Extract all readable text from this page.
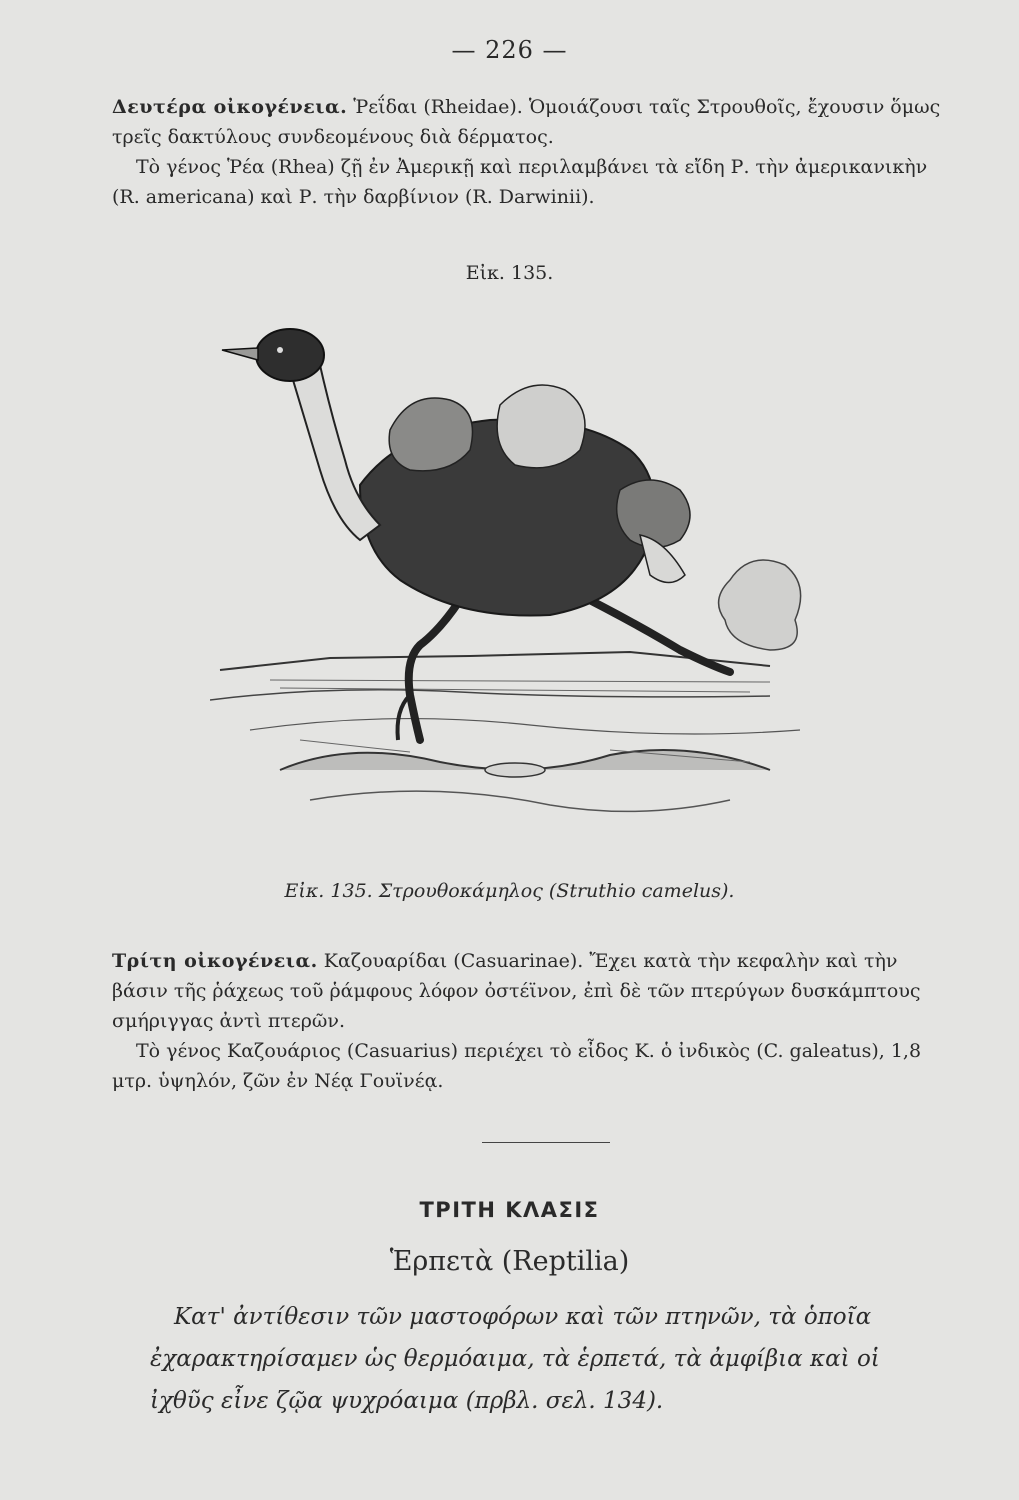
— 226 —

Δευτέρα οἰκογένεια. Ῥεΐδαι (Rheidae). Ὁμοιάζουσι ταῖς Στρουθοῖς, ἔχουσιν ὅμως τρεῖς δακτύλους συνδεομένους διὰ δέρματος.

Τὸ γένος Ῥέα (Rhea) ζῇ ἐν Ἀμερικῇ καὶ περιλαμβάνει τὰ εἴδη Ρ. τὴν ἀμερικανικὴν (R. americana) καὶ Ρ. τὴν δαρβίνιον (R. Darwinii).

Εἰκ. 135.
Εἰκ. 135. Στρουθοκάμηλος (Struthio camelus).

Τρίτη οἰκογένεια. Καζουαρίδαι (Casuarinae). Ἔχει κατὰ τὴν κεφαλὴν καὶ τὴν βάσιν τῆς ῥάχεως τοῦ ῥάμφους λόφον ὀστέϊνον, ἐπὶ δὲ τῶν πτερύγων δυσκάμπτους σμήριγγας ἀντὶ πτερῶν.

Τὸ γένος Καζουάριος (Casuarius) περιέχει τὸ εἶδος Κ. ὁ ἰνδικὸς (C. galeatus), 1,8 μτρ. ὑψηλόν, ζῶν ἐν Νέᾳ Γουϊνέᾳ.

ΤΡΙΤΗ ΚΛΑΣΙΣ
Ἑρπετὰ (Reptilia)

Κατ' ἀντίθεσιν τῶν μαστοφόρων καὶ τῶν πτηνῶν, τὰ ὁποῖα ἐχαρακτηρίσαμεν ὡς θερμόαιμα, τὰ ἑρπετά, τὰ ἀμφίβια καὶ οἱ ἰχθῦς εἶνε ζῷα ψυχρόαιμα (πρβλ. σελ. 134).
